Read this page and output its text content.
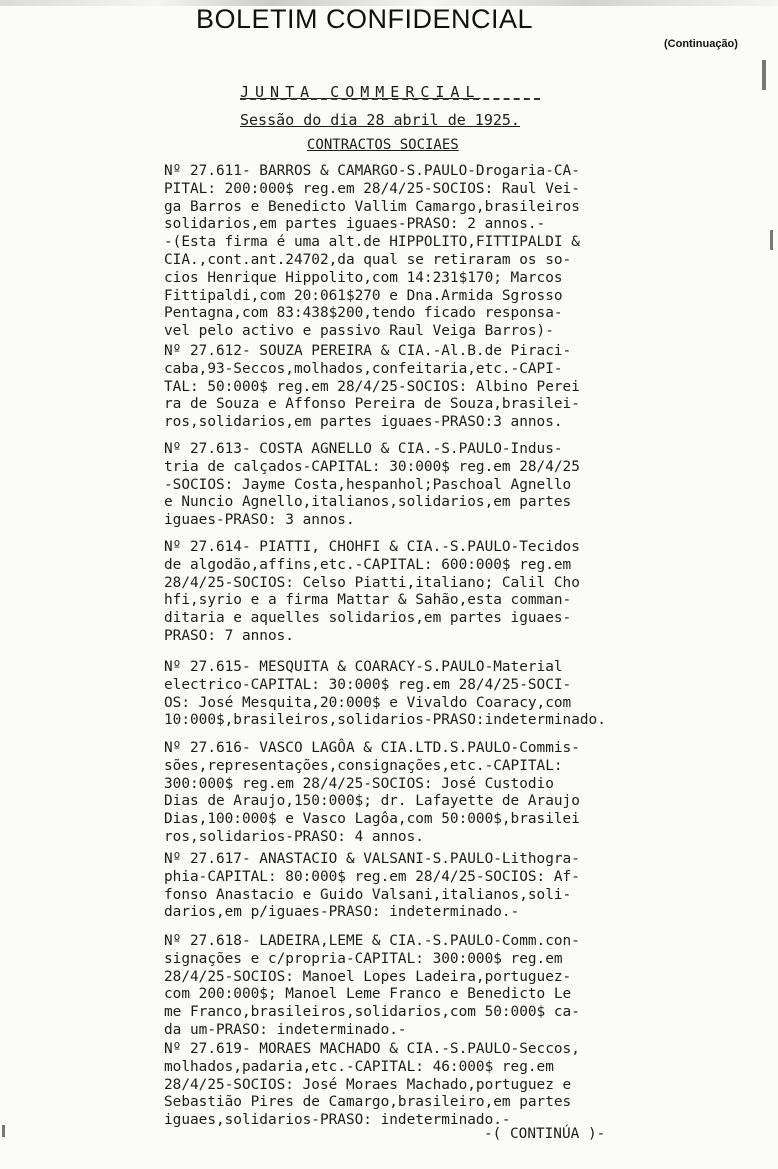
BOLETIM CONFIDENCIAL
(Continuação)
JUNTA COMMERCIAL
Sessão do dia 28 abril de 1925.
CONTRACTOS SOCIAES
Nº 27.611- BARROS & CAMARGO-S.PAULO-Drogaria-CA-
PITAL: 200:000$ reg.em 28/4/25-SOCIOS: Raul Vei-
ga Barros e Benedicto Vallim Camargo,brasileiros
solidarios,em partes iguaes-PRASO: 2 annos.-
-(Esta firma é uma alt.de HIPPOLITO,FITTIPALDI &
CIA.,cont.ant.24702,da qual se retiraram os so-
cios Henrique Hippolito,com 14:231$170; Marcos
Fittipaldi,com 20:061$270 e Dna.Armida Sgrosso
Pentagna,com 83:438$200,tendo ficado responsa-
vel pelo activo e passivo Raul Veiga Barros)-
Nº 27.612- SOUZA PEREIRA & CIA.-Al.B.de Piraci-
caba,93-Seccos,molhados,confeitaria,etc.-CAPI-
TAL: 50:000$ reg.em 28/4/25-SOCIOS: Albino Perei
ra de Souza e Affonso Pereira de Souza,brasilei-
ros,solidarios,em partes iguaes-PRASO:3 annos.
Nº 27.613- COSTA AGNELLO & CIA.-S.PAULO-Indus-
tria de calçados-CAPITAL: 30:000$ reg.em 28/4/25
-SOCIOS: Jayme Costa,hespanhol;Paschoal Agnello
e Nuncio Agnello,italianos,solidarios,em partes
iguaes-PRASO: 3 annos.
Nº 27.614- PIATTI, CHOHFI & CIA.-S.PAULO-Tecidos
de algodão,affins,etc.-CAPITAL: 600:000$ reg.em
28/4/25-SOCIOS: Celso Piatti,italiano; Calil Cho
hfi,syrio e a firma Mattar & Sahão,esta comman-
ditaria e aquelles solidarios,em partes iguaes-
PRASO: 7 annos.
Nº 27.615- MESQUITA & COARACY-S.PAULO-Material
electrico-CAPITAL: 30:000$ reg.em 28/4/25-SOCI-
OS: José Mesquita,20:000$ e Vivaldo Coaracy,com
10:000$,brasileiros,solidarios-PRASO:indeterminado.
Nº 27.616- VASCO LAGÔA & CIA.LTD.S.PAULO-Commis-
sões,representações,consignações,etc.-CAPITAL:
300:000$ reg.em 28/4/25-SOCIOS: José Custodio
Dias de Araujo,150:000$; dr. Lafayette de Araujo
Dias,100:000$ e Vasco Lagôa,com 50:000$,brasilei
ros,solidarios-PRASO: 4 annos.
Nº 27.617- ANASTACIO & VALSANI-S.PAULO-Lithogra-
phia-CAPITAL: 80:000$ reg.em 28/4/25-SOCIOS: Af-
fonso Anastacio e Guido Valsani,italianos,soli-
darios,em p/iguaes-PRASO: indeterminado.-
Nº 27.618- LADEIRA,LEME & CIA.-S.PAULO-Comm.con-
signações e c/propria-CAPITAL: 300:000$ reg.em
28/4/25-SOCIOS: Manoel Lopes Ladeira,portuguez-
com 200:000$; Manoel Leme Franco e Benedicto Le
me Franco,brasileiros,solidarios,com 50:000$ ca-
da um-PRASO: indeterminado.-
Nº 27.619- MORAES MACHADO & CIA.-S.PAULO-Seccos,
molhados,padaria,etc.-CAPITAL: 46:000$ reg.em
28/4/25-SOCIOS: José Moraes Machado,portuguez e
Sebastião Pires de Camargo,brasileiro,em partes
iguaes,solidarios-PRASO: indeterminado.-
-( CONTINÚA )-
